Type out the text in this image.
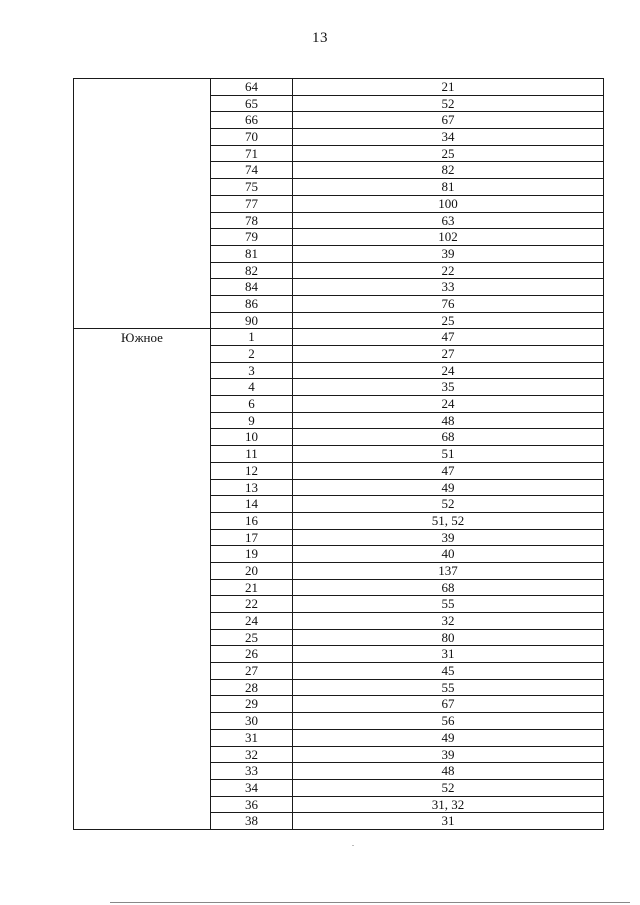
13
	64	21
	65	52
	66	67
	70	34
	71	25
	74	82
	75	81
	77	100
	78	63
	79	102
	81	39
	82	22
	84	33
	86	76
	90	25
Южное	1	47
	2	27
	3	24
	4	35
	6	24
	9	48
	10	68
	11	51
	12	47
	13	49
	14	52
	16	51, 52
	17	39
	19	40
	20	137
	21	68
	22	55
	24	32
	25	80
	26	31
	27	45
	28	55
	29	67
	30	56
	31	49
	32	39
	33	48
	34	52
	36	31, 32
	38	31
